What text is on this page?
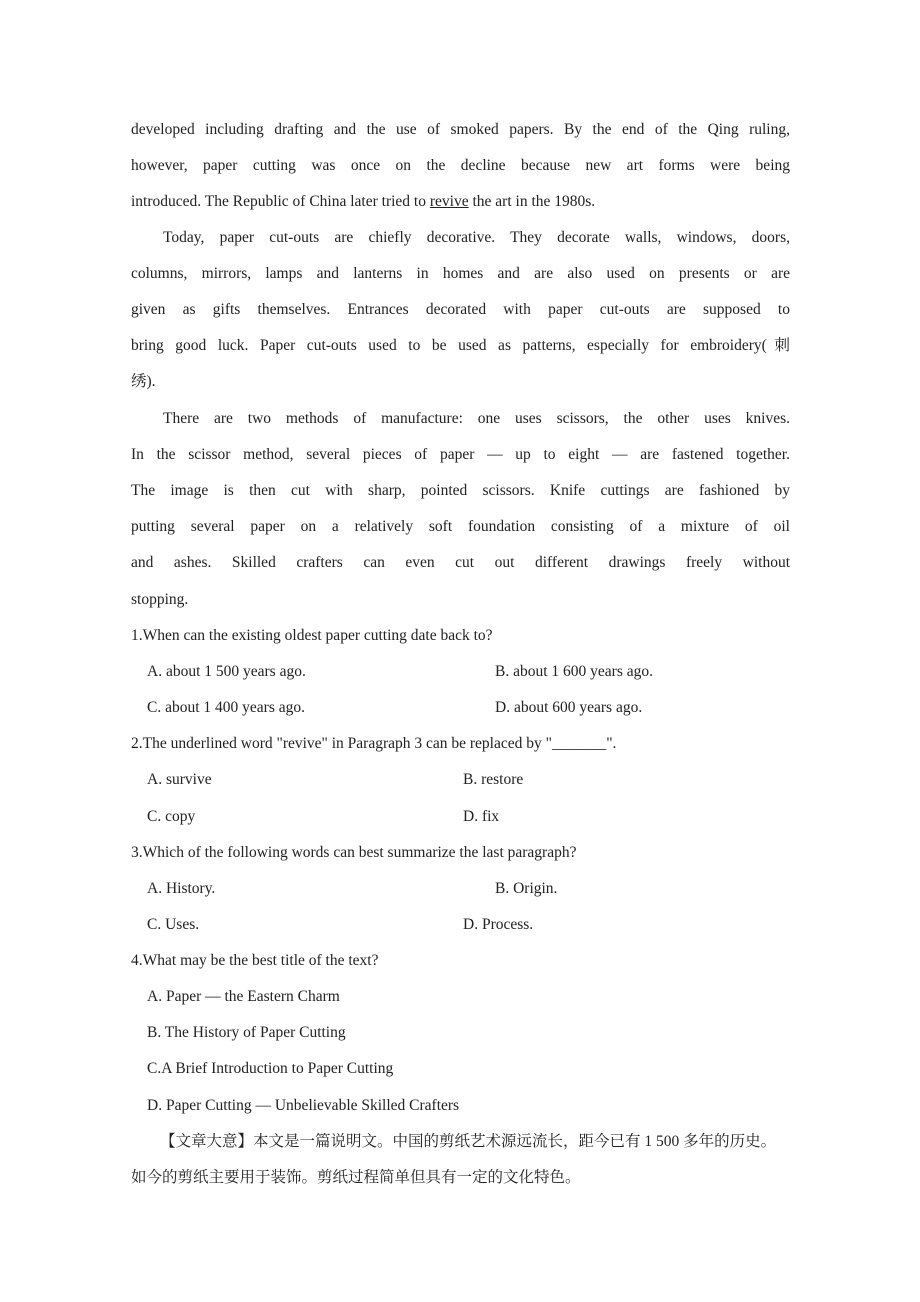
developed including drafting and the use of smoked papers. By the end of the Qing ruling,
however, paper cutting was once on the decline because new art forms were being
introduced. The Republic of China later tried to revive the art in the 1980s.
Today, paper cut-outs are chiefly decorative. They decorate walls, windows, doors,
columns, mirrors, lamps and lanterns in homes and are also used on presents or are
given as gifts themselves. Entrances decorated with paper cut-outs are supposed to
bring good luck. Paper cut-outs used to be used as patterns, especially for embroidery(刺
绣).
There are two methods of manufacture: one uses scissors, the other uses knives.
In the scissor method, several pieces of paper — up to eight — are fastened together.
The image is then cut with sharp, pointed scissors. Knife cuttings are fashioned by
putting several paper on a relatively soft foundation consisting of a mixture of oil
and ashes. Skilled crafters can even cut out different drawings freely without
stopping.
1.When can the existing oldest paper cutting date back to?
A. about 1 500 years ago.	B. about 1 600 years ago.
C. about 1 400 years ago.	D. about 600 years ago.
2.The underlined word "revive" in Paragraph 3 can be replaced by "_______".
A. survive	B. restore
C. copy	D. fix
3.Which of the following words can best summarize the last paragraph?
A. History.	B. Origin.
C. Uses.	D. Process.
4.What may be the best title of the text?
A. Paper — the Eastern Charm
B. The History of Paper Cutting
C.A Brief Introduction to Paper Cutting
D. Paper Cutting — Unbelievable Skilled Crafters
【文章大意】本文是一篇说明文。中国的剪纸艺术源远流长，距今已有 1 500 多年的历史。
如今的剪纸主要用于装饰。剪纸过程简单但具有一定的文化特色。
